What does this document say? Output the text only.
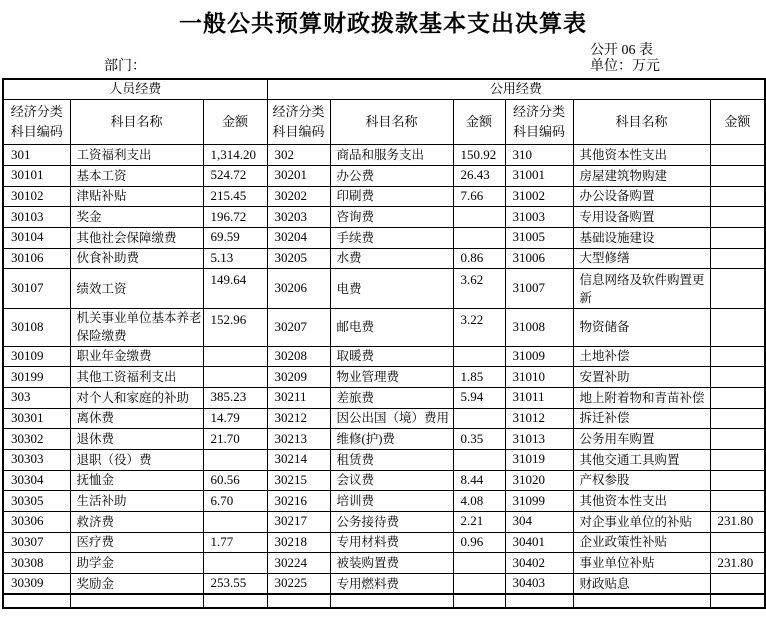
一般公共预算财政拨款基本支出决算表
公开 06 表
部门：	单位：万元
人员经费			公用经费					
经济分类科目编码	科目名称	金额	经济分类科目编码	科目名称	金额	经济分类科目编码	科目名称	金额
301	工资福利支出	1,314.20	302	商品和服务支出	150.92	310	其他资本性支出	
30101	基本工资	524.72	30201	办公费	26.43	31001	房屋建筑物购建	
30102	津贴补贴	215.45	30202	印刷费	7.66	31002	办公设备购置	
30103	奖金	196.72	30203	咨询费		31003	专用设备购置	
30104	其他社会保障缴费	69.59	30204	手续费		31005	基础设施建设	
30106	伙食补助费	5.13	30205	水费	0.86	31006	大型修缮	
30107	绩效工资	149.64	30206	电费	3.62	31007	信息网络及软件购置更新	
30108	机关事业单位基本养老保险缴费	152.96	30207	邮电费	3.22	31008	物资储备	
30109	职业年金缴费		30208	取暖费		31009	土地补偿	
30199	其他工资福利支出		30209	物业管理费	1.85	31010	安置补助	
303	对个人和家庭的补助	385.23	30211	差旅费	5.94	31011	地上附着物和青苗补偿	
30301	离休费	14.79	30212	因公出国（境）费用		31012	拆迁补偿	
30302	退休费	21.70	30213	维修(护)费	0.35	31013	公务用车购置	
30303	退职（役）费		30214	租赁费		31019	其他交通工具购置	
30304	抚恤金	60.56	30215	会议费	8.44	31020	产权参股	
30305	生活补助	6.70	30216	培训费	4.08	31099	其他资本性支出	
30306	救济费		30217	公务接待费	2.21	304	对企事业单位的补贴	231.80
30307	医疗费	1.77	30218	专用材料费	0.96	30401	企业政策性补贴	
30308	助学金		30224	被装购置费		30402	事业单位补贴	231.80
30309	奖励金	253.55	30225	专用燃料费		30403	财政贴息	
